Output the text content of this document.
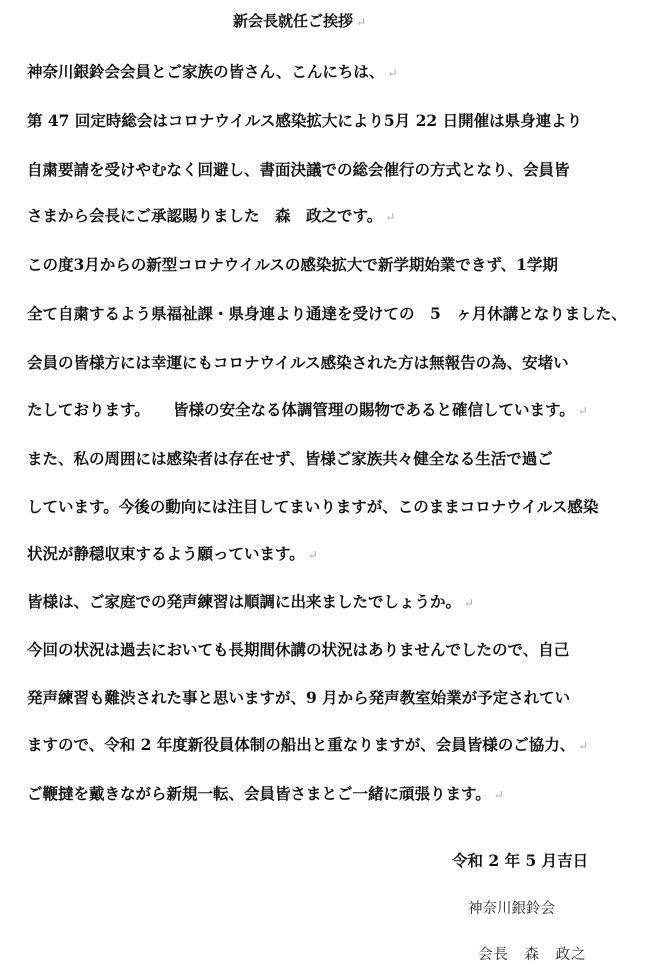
新会長就任ご挨拶 ↵
神奈川銀鈴会会員とご家族の皆さん、こんにちは、 ↵
第 47 回定時総会はコロナウイルス感染拡大により5月 22 日開催は県身連より
自粛要請を受けやむなく回避し、書面決議での総会催行の方式となり、会員皆
さまから会長にご承認賜りました　森　政之です。 ↵
この度3月からの新型コロナウイルスの感染拡大で新学期始業できず、1学期
全て自粛するよう県福祉課・県身連より通達を受けての　5　ヶ月休講となりました、
会員の皆様方には幸運にもコロナウイルス感染された方は無報告の為、安堵い
たしております。　　皆様の安全なる体調管理の賜物であると確信しています。 ↵
また、私の周囲には感染者は存在せず、皆様ご家族共々健全なる生活で過ご
しています。今後の動向には注目してまいりますが、このままコロナウイルス感染
状況が静穏収束するよう願っています。 ↵
皆様は、ご家庭での発声練習は順調に出来ましたでしょうか。 ↵
今回の状況は過去においても長期間休講の状況はありませんでしたので、自己
発声練習も難渋された事と思いますが、9 月から発声教室始業が予定されてい
ますので、令和 2 年度新役員体制の船出と重なりますが、会員皆様のご協力、 ↵
ご鞭撻を戴きながら新規一転、会員皆さまとご一緒に頑張ります。 ↵
令和 2 年 5 月吉日
神奈川銀鈴会
会長　森　政之
